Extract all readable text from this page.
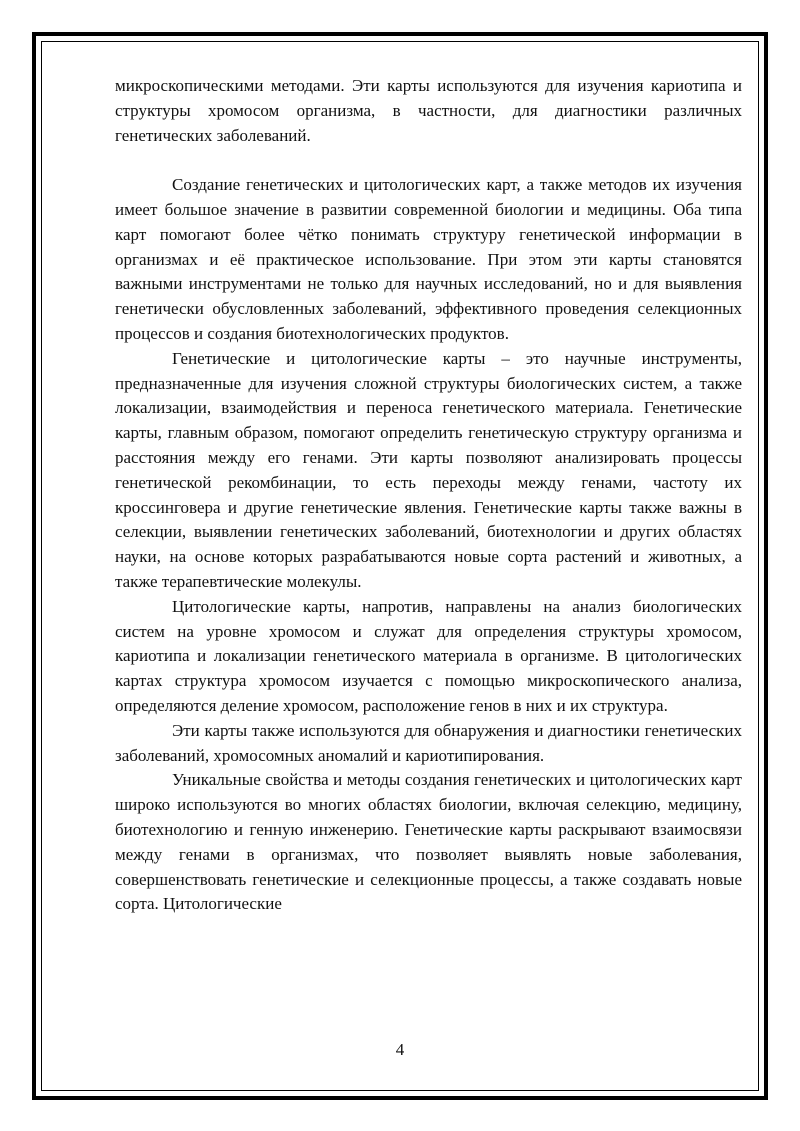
микроскопическими методами. Эти карты используются для изучения кариотипа и структуры хромосом организма, в частности, для диагностики различных генетических заболеваний.

Создание генетических и цитологических карт, а также методов их изучения имеет большое значение в развитии современной биологии и медицины. Оба типа карт помогают более чётко понимать структуру генетической информации в организмах и её практическое использование. При этом эти карты становятся важными инструментами не только для научных исследований, но и для выявления генетически обусловленных заболеваний, эффективного проведения селекционных процессов и создания биотехнологических продуктов.

Генетические и цитологические карты – это научные инструменты, предназначенные для изучения сложной структуры биологических систем, а также локализации, взаимодействия и переноса генетического материала. Генетические карты, главным образом, помогают определить генетическую структуру организма и расстояния между его генами. Эти карты позволяют анализировать процессы генетической рекомбинации, то есть переходы между генами, частоту их кроссинговера и другие генетические явления. Генетические карты также важны в селекции, выявлении генетических заболеваний, биотехнологии и других областях науки, на основе которых разрабатываются новые сорта растений и животных, а также терапевтические молекулы.

Цитологические карты, напротив, направлены на анализ биологических систем на уровне хромосом и служат для определения структуры хромосом, кариотипа и локализации генетического материала в организме. В цитологических картах структура хромосом изучается с помощью микроскопического анализа, определяются деление хромосом, расположение генов в них и их структура.

Эти карты также используются для обнаружения и диагностики генетических заболеваний, хромосомных аномалий и кариотипирования.

Уникальные свойства и методы создания генетических и цитологических карт широко используются во многих областях биологии, включая селекцию, медицину, биотехнологию и генную инженерию. Генетические карты раскрывают взаимосвязи между генами в организмах, что позволяет выявлять новые заболевания, совершенствовать генетические и селекционные процессы, а также создавать новые сорта. Цитологические

4
